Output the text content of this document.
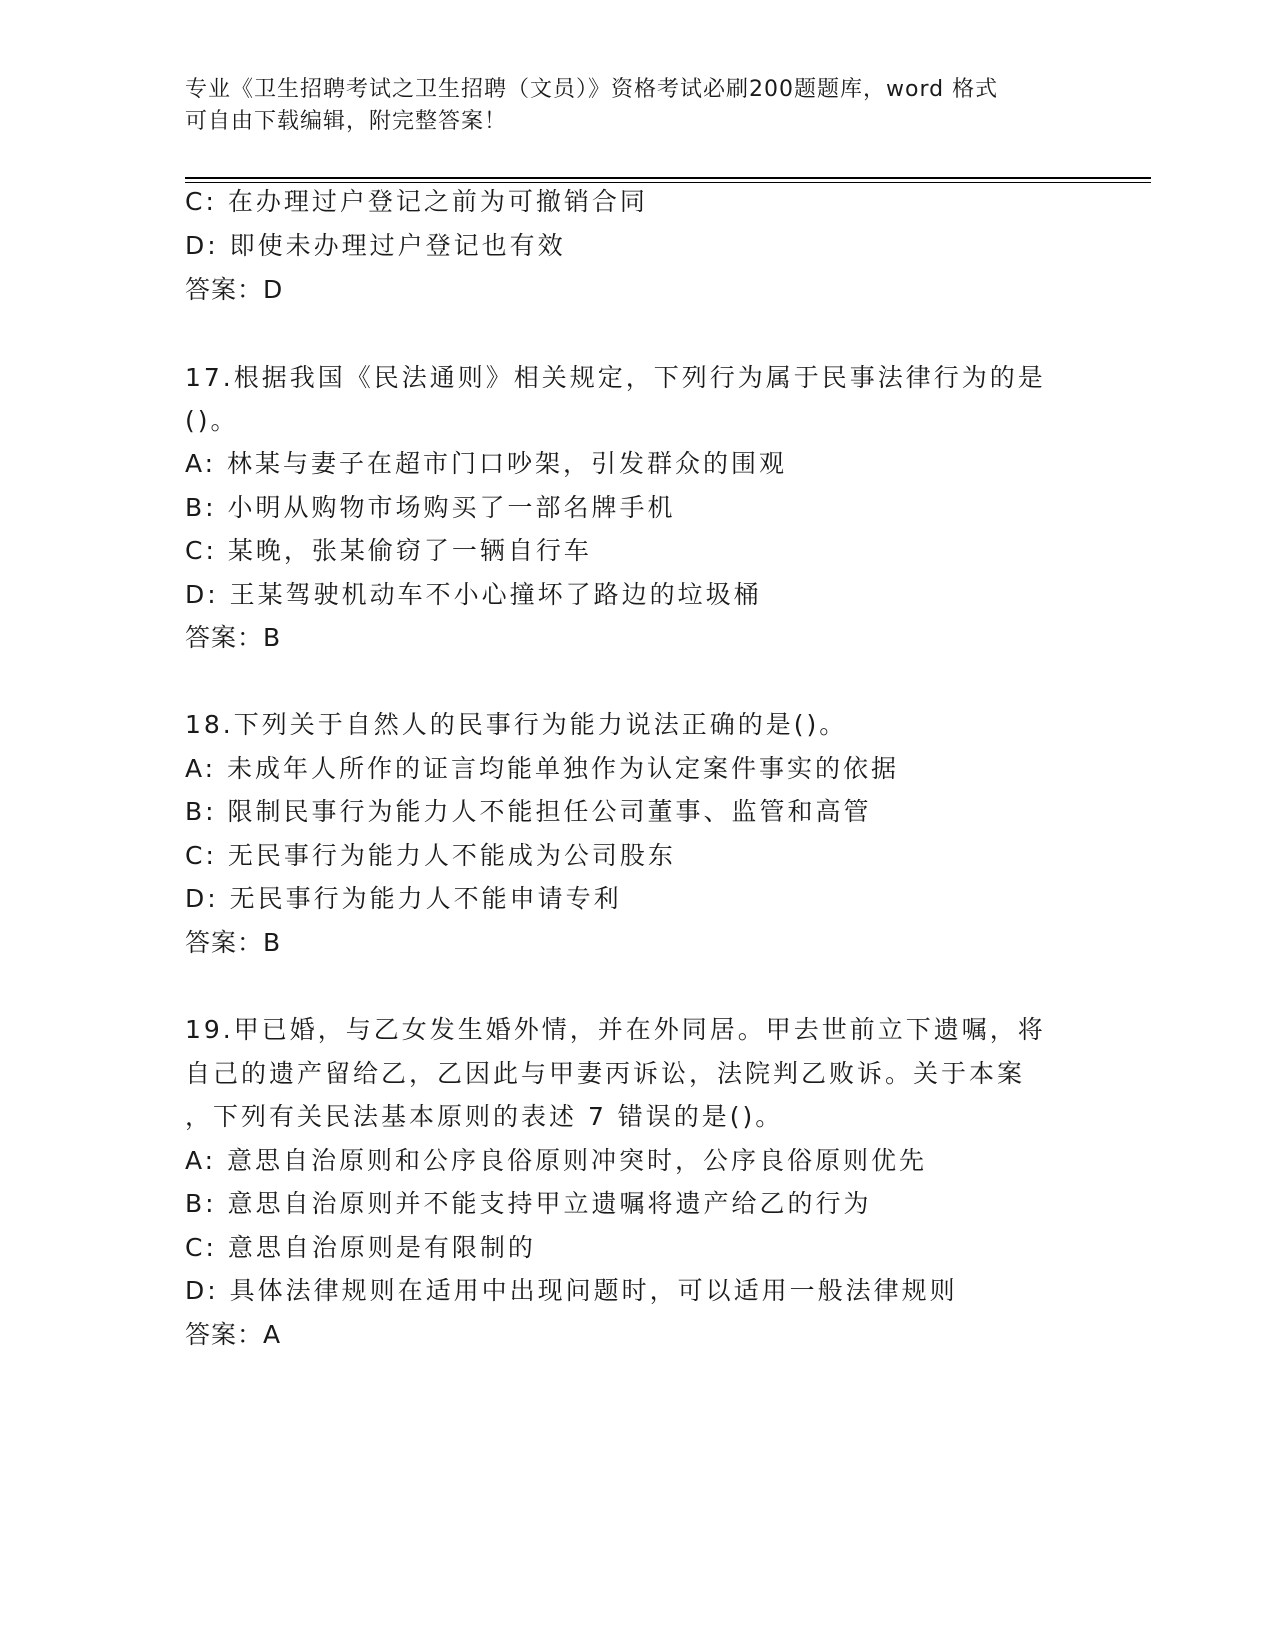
专业《卫生招聘考试之卫生招聘（文员）》资格考试必刷200题题库，word 格式
可自由下载编辑，附完整答案！
C: 在办理过户登记之前为可撤销合同
D: 即使未办理过户登记也有效
答案：D
17.根据我国《民法通则》相关规定，下列行为属于民事法律行为的是
()。
A: 林某与妻子在超市门口吵架，引发群众的围观
B: 小明从购物市场购买了一部名牌手机
C: 某晚，张某偷窃了一辆自行车
D: 王某驾驶机动车不小心撞坏了路边的垃圾桶
答案：B
18.下列关于自然人的民事行为能力说法正确的是()。
A: 未成年人所作的证言均能单独作为认定案件事实的依据
B: 限制民事行为能力人不能担任公司董事、监管和高管
C: 无民事行为能力人不能成为公司股东
D: 无民事行为能力人不能申请专利
答案：B
19.甲已婚，与乙女发生婚外情，并在外同居。甲去世前立下遗嘱，将
自己的遗产留给乙，乙因此与甲妻丙诉讼，法院判乙败诉。关于本案
，下列有关民法基本原则的表述 7 错误的是()。
A: 意思自治原则和公序良俗原则冲突时，公序良俗原则优先
B: 意思自治原则并不能支持甲立遗嘱将遗产给乙的行为
C: 意思自治原则是有限制的
D: 具体法律规则在适用中出现问题时，可以适用一般法律规则
答案：A
